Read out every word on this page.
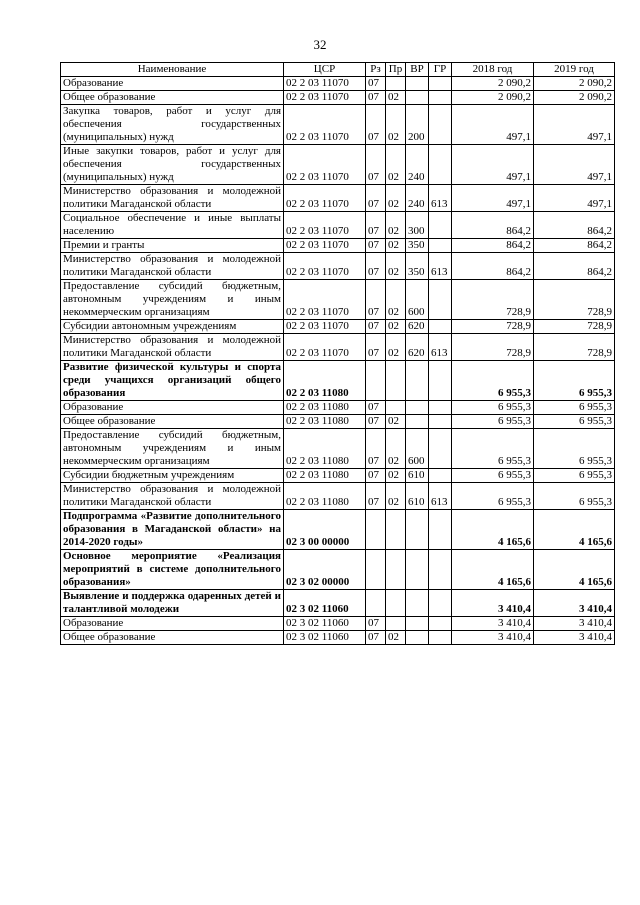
32
Наименование	ЦСР	Рз	Пр	ВР	ГР	2018 год	2019 год
Образование	02 2 03 11070	07				2 090,2	2 090,2
Общее образование	02 2 03 11070	07	02			2 090,2	2 090,2
Закупка товаров, работ и услуг для обеспечения государственных (муниципальных) нужд	02 2 03 11070	07	02	200		497,1	497,1
Иные закупки товаров, работ и услуг для обеспечения государственных (муниципальных) нужд	02 2 03 11070	07	02	240		497,1	497,1
Министерство образования и молодежной политики Магаданской области	02 2 03 11070	07	02	240	613	497,1	497,1
Социальное обеспечение и иные выплаты населению	02 2 03 11070	07	02	300		864,2	864,2
Премии и гранты	02 2 03 11070	07	02	350		864,2	864,2
Министерство образования и молодежной политики Магаданской области	02 2 03 11070	07	02	350	613	864,2	864,2
Предоставление субсидий бюджетным, автономным учреждениям и иным некоммерческим организациям	02 2 03 11070	07	02	600		728,9	728,9
Субсидии автономным учреждениям	02 2 03 11070	07	02	620		728,9	728,9
Министерство образования и молодежной политики Магаданской области	02 2 03 11070	07	02	620	613	728,9	728,9
Развитие физической культуры и спорта среди учащихся организаций общего образования	02 2 03 11080					6 955,3	6 955,3
Образование	02 2 03 11080	07				6 955,3	6 955,3
Общее образование	02 2 03 11080	07	02			6 955,3	6 955,3
Предоставление субсидий бюджетным, автономным учреждениям и иным некоммерческим организациям	02 2 03 11080	07	02	600		6 955,3	6 955,3
Субсидии бюджетным учреждениям	02 2 03 11080	07	02	610		6 955,3	6 955,3
Министерство образования и молодежной политики Магаданской области	02 2 03 11080	07	02	610	613	6 955,3	6 955,3
Подпрограмма «Развитие дополнительного образования в Магаданской области» на 2014-2020 годы»	02 3 00 00000					4 165,6	4 165,6
Основное мероприятие «Реализация мероприятий в системе дополнительного образования»	02 3 02 00000					4 165,6	4 165,6
Выявление и поддержка одаренных детей и талантливой молодежи	02 3 02 11060					3 410,4	3 410,4
Образование	02 3 02 11060	07				3 410,4	3 410,4
Общее образование	02 3 02 11060	07	02			3 410,4	3 410,4
